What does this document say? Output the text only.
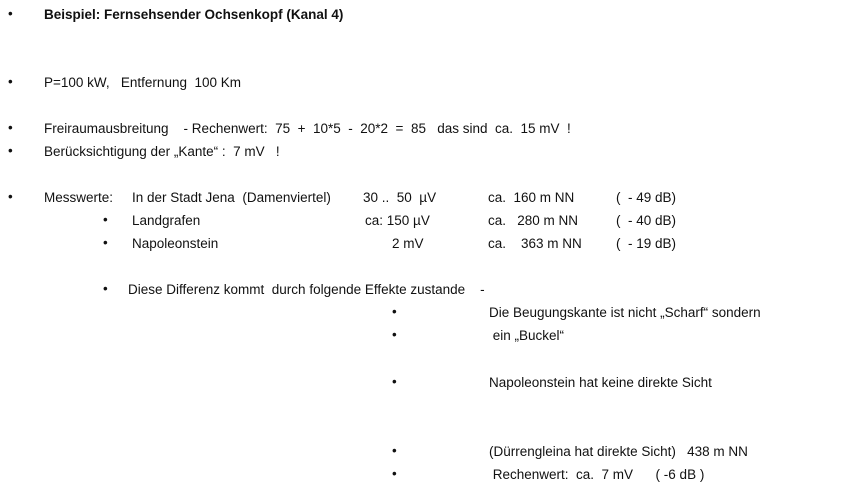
• Beispiel: Fernsehsender Ochsenkopf (Kanal 4)
• P=100 kW,   Entfernung  100 Km
• Freiraumausbreitung    - Rechenwert:  75  +  10*5  -  20*2  =  85   das sind  ca.  15 mV  !
• Berücksichtigung der „Kante“ :  7 mV   !
• Messwerte: In der Stadt Jena  (Damenviertel) 30 ..  50  µV	ca.  160 m NN	(  - 49 dB)
• Landgrafen	ca: 150 µV	ca.   280 m NN	(  - 40 dB)
• Napoleonstein	2 mV	ca.    363 m NN	(  - 19 dB)
• Diese Differenz kommt  durch folgende Effekte zustande    -
•	Die Beugungskante ist nicht „Scharf“ sondern
•	ein „Buckel“
•	Napoleonstein hat keine direkte Sicht
•	(Dürrengleina hat direkte Sicht)   438 m NN
•	Rechenwert:  ca.  7 mV      ( -6 dB )
